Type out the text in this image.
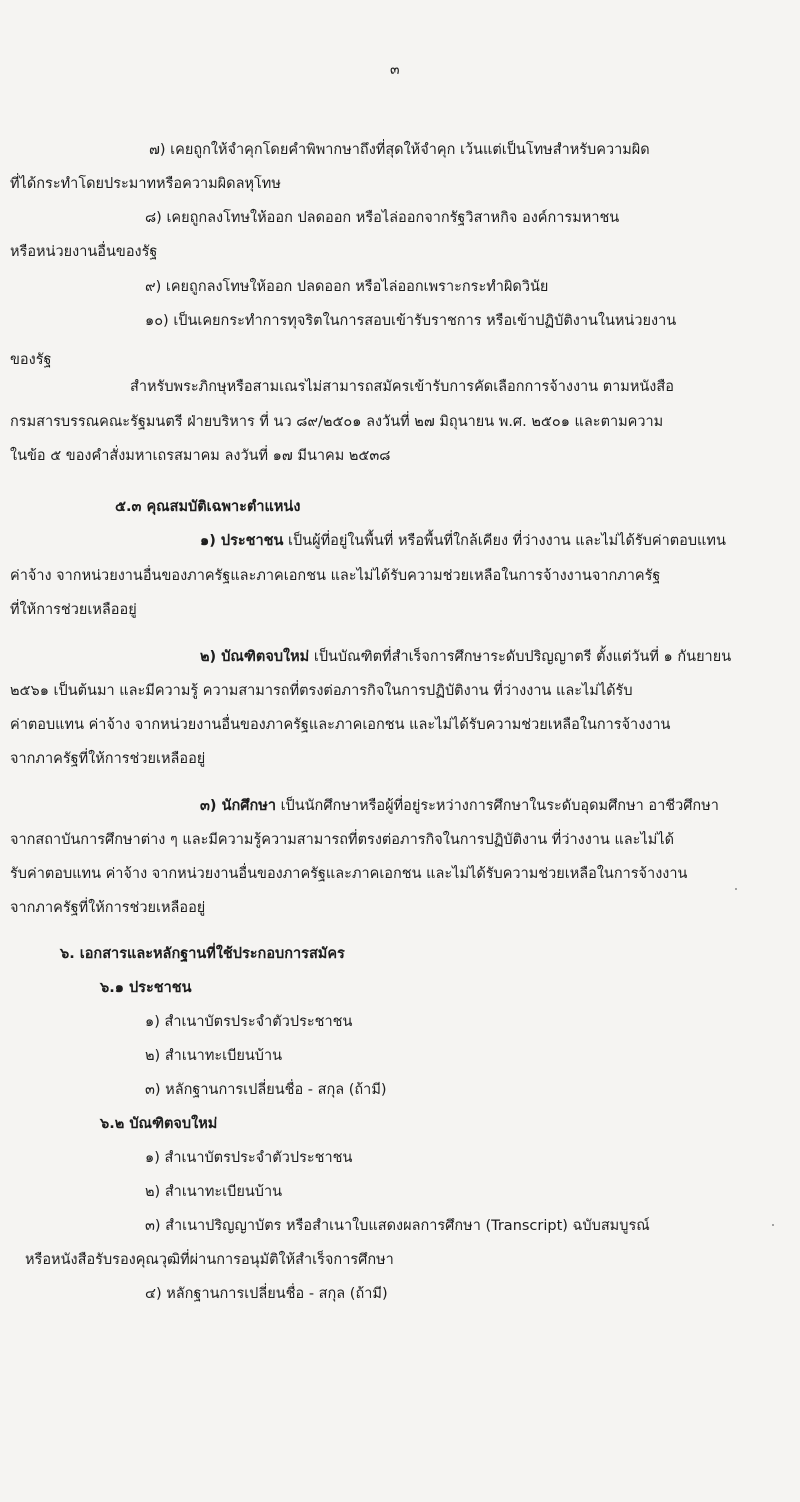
๓
๗) เคยถูกให้จำคุกโดยคำพิพากษาถึงที่สุดให้จำคุก เว้นแต่เป็นโทษสำหรับความผิด
ที่ได้กระทำโดยประมาทหรือความผิดลหุโทษ
๘) เคยถูกลงโทษให้ออก ปลดออก หรือไล่ออกจากรัฐวิสาหกิจ องค์การมหาชน
หรือหน่วยงานอื่นของรัฐ
๙) เคยถูกลงโทษให้ออก ปลดออก หรือไล่ออกเพราะกระทำผิดวินัย
๑๐) เป็นเคยกระทำการทุจริตในการสอบเข้ารับราชการ หรือเข้าปฏิบัติงานในหน่วยงาน
ของรัฐ
สำหรับพระภิกษุหรือสามเณรไม่สามารถสมัครเข้ารับการคัดเลือกการจ้างงาน ตามหนังสือ
กรมสารบรรณคณะรัฐมนตรี ฝ่ายบริหาร ที่ นว ๘๙/๒๕๐๑ ลงวันที่ ๒๗ มิถุนายน พ.ศ. ๒๕๐๑ และตามความ
ในข้อ ๕ ของคำสั่งมหาเถรสมาคม ลงวันที่ ๑๗ มีนาคม ๒๕๓๘
๕.๓ คุณสมบัติเฉพาะตำแหน่ง
๑) ประชาชน เป็นผู้ที่อยู่ในพื้นที่ หรือพื้นที่ใกล้เคียง ที่ว่างงาน และไม่ได้รับค่าตอบแทน
ค่าจ้าง จากหน่วยงานอื่นของภาครัฐและภาคเอกชน และไม่ได้รับความช่วยเหลือในการจ้างงานจากภาครัฐ
ที่ให้การช่วยเหลืออยู่
๒) บัณฑิตจบใหม่ เป็นบัณฑิตที่สำเร็จการศึกษาระดับปริญญาตรี ตั้งแต่วันที่ ๑ กันยายน
๒๕๖๑ เป็นต้นมา และมีความรู้ ความสามารถที่ตรงต่อภารกิจในการปฏิบัติงาน ที่ว่างงาน และไม่ได้รับ
ค่าตอบแทน ค่าจ้าง จากหน่วยงานอื่นของภาครัฐและภาคเอกชน และไม่ได้รับความช่วยเหลือในการจ้างงาน
จากภาครัฐที่ให้การช่วยเหลืออยู่
๓) นักศึกษา เป็นนักศึกษาหรือผู้ที่อยู่ระหว่างการศึกษาในระดับอุดมศึกษา อาชีวศึกษา
จากสถาบันการศึกษาต่าง ๆ และมีความรู้ความสามารถที่ตรงต่อภารกิจในการปฏิบัติงาน ที่ว่างงาน และไม่ได้
รับค่าตอบแทน ค่าจ้าง จากหน่วยงานอื่นของภาครัฐและภาคเอกชน และไม่ได้รับความช่วยเหลือในการจ้างงาน
จากภาครัฐที่ให้การช่วยเหลืออยู่
๖. เอกสารและหลักฐานที่ใช้ประกอบการสมัคร
๖.๑ ประชาชน
๑) สำเนาบัตรประจำตัวประชาชน
๒) สำเนาทะเบียนบ้าน
๓) หลักฐานการเปลี่ยนชื่อ - สกุล (ถ้ามี)
๖.๒ บัณฑิตจบใหม่
๑) สำเนาบัตรประจำตัวประชาชน
๒) สำเนาทะเบียนบ้าน
๓) สำเนาปริญญาบัตร หรือสำเนาใบแสดงผลการศึกษา (Transcript) ฉบับสมบูรณ์
หรือหนังสือรับรองคุณวุฒิที่ผ่านการอนุมัติให้สำเร็จการศึกษา
๔) หลักฐานการเปลี่ยนชื่อ - สกุล (ถ้ามี)
